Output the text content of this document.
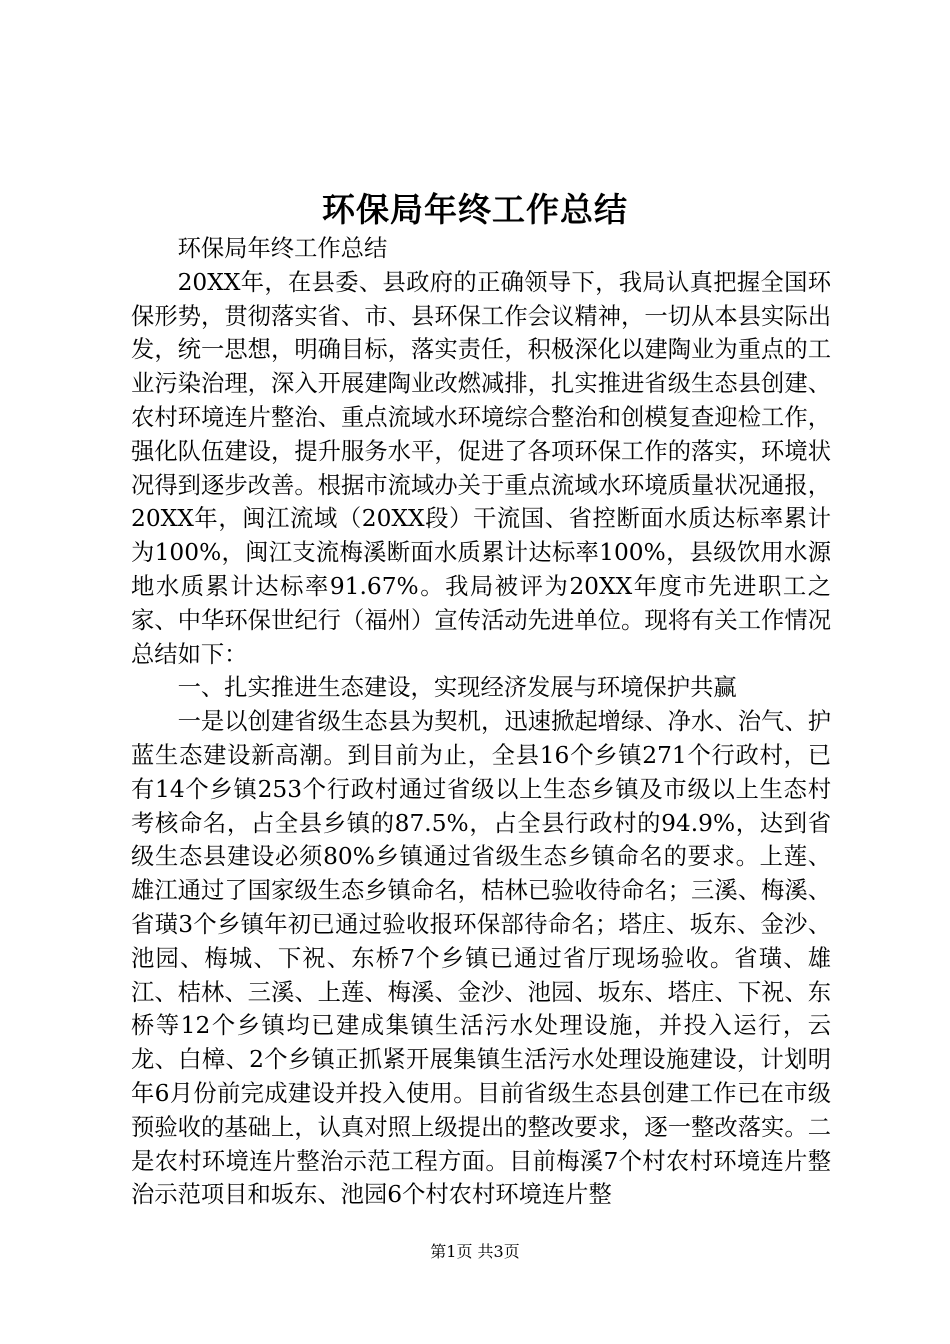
环保局年终工作总结

环保局年终工作总结

20XX年，在县委、县政府的正确领导下，我局认真把握全国环保形势，贯彻落实省、市、县环保工作会议精神，一切从本县实际出发，统一思想，明确目标，落实责任，积极深化以建陶业为重点的工业污染治理，深入开展建陶业改燃减排，扎实推进省级生态县创建、农村环境连片整治、重点流域水环境综合整治和创模复查迎检工作，强化队伍建设，提升服务水平，促进了各项环保工作的落实，环境状况得到逐步改善。根据市流域办关于重点流域水环境质量状况通报，20XX年，闽江流域（20XX段）干流国、省控断面水质达标率累计为100%，闽江支流梅溪断面水质累计达标率100%，县级饮用水源地水质累计达标率91.67%。我局被评为20XX年度市先进职工之家、中华环保世纪行（福州）宣传活动先进单位。现将有关工作情况总结如下：

一、扎实推进生态建设，实现经济发展与环境保护共赢

一是以创建省级生态县为契机，迅速掀起增绿、净水、治气、护蓝生态建设新高潮。到目前为止，全县16个乡镇271个行政村，已有14个乡镇253个行政村通过省级以上生态乡镇及市级以上生态村考核命名，占全县乡镇的87.5%，占全县行政村的94.9%，达到省级生态县建设必须80%乡镇通过省级生态乡镇命名的要求。上莲、雄江通过了国家级生态乡镇命名，桔林已验收待命名；三溪、梅溪、省璜3个乡镇年初已通过验收报环保部待命名；塔庄、坂东、金沙、池园、梅城、下祝、东桥7个乡镇已通过省厅现场验收。省璜、雄江、桔林、三溪、上莲、梅溪、金沙、池园、坂东、塔庄、下祝、东桥等12个乡镇均已建成集镇生活污水处理设施，并投入运行，云龙、白樟、2个乡镇正抓紧开展集镇生活污水处理设施建设，计划明年6月份前完成建设并投入使用。目前省级生态县创建工作已在市级预验收的基础上，认真对照上级提出的整改要求，逐一整改落实。二是农村环境连片整治示范工程方面。目前梅溪7个村农村环境连片整治示范项目和坂东、池园6个村农村环境连片整

第1页 共3页
